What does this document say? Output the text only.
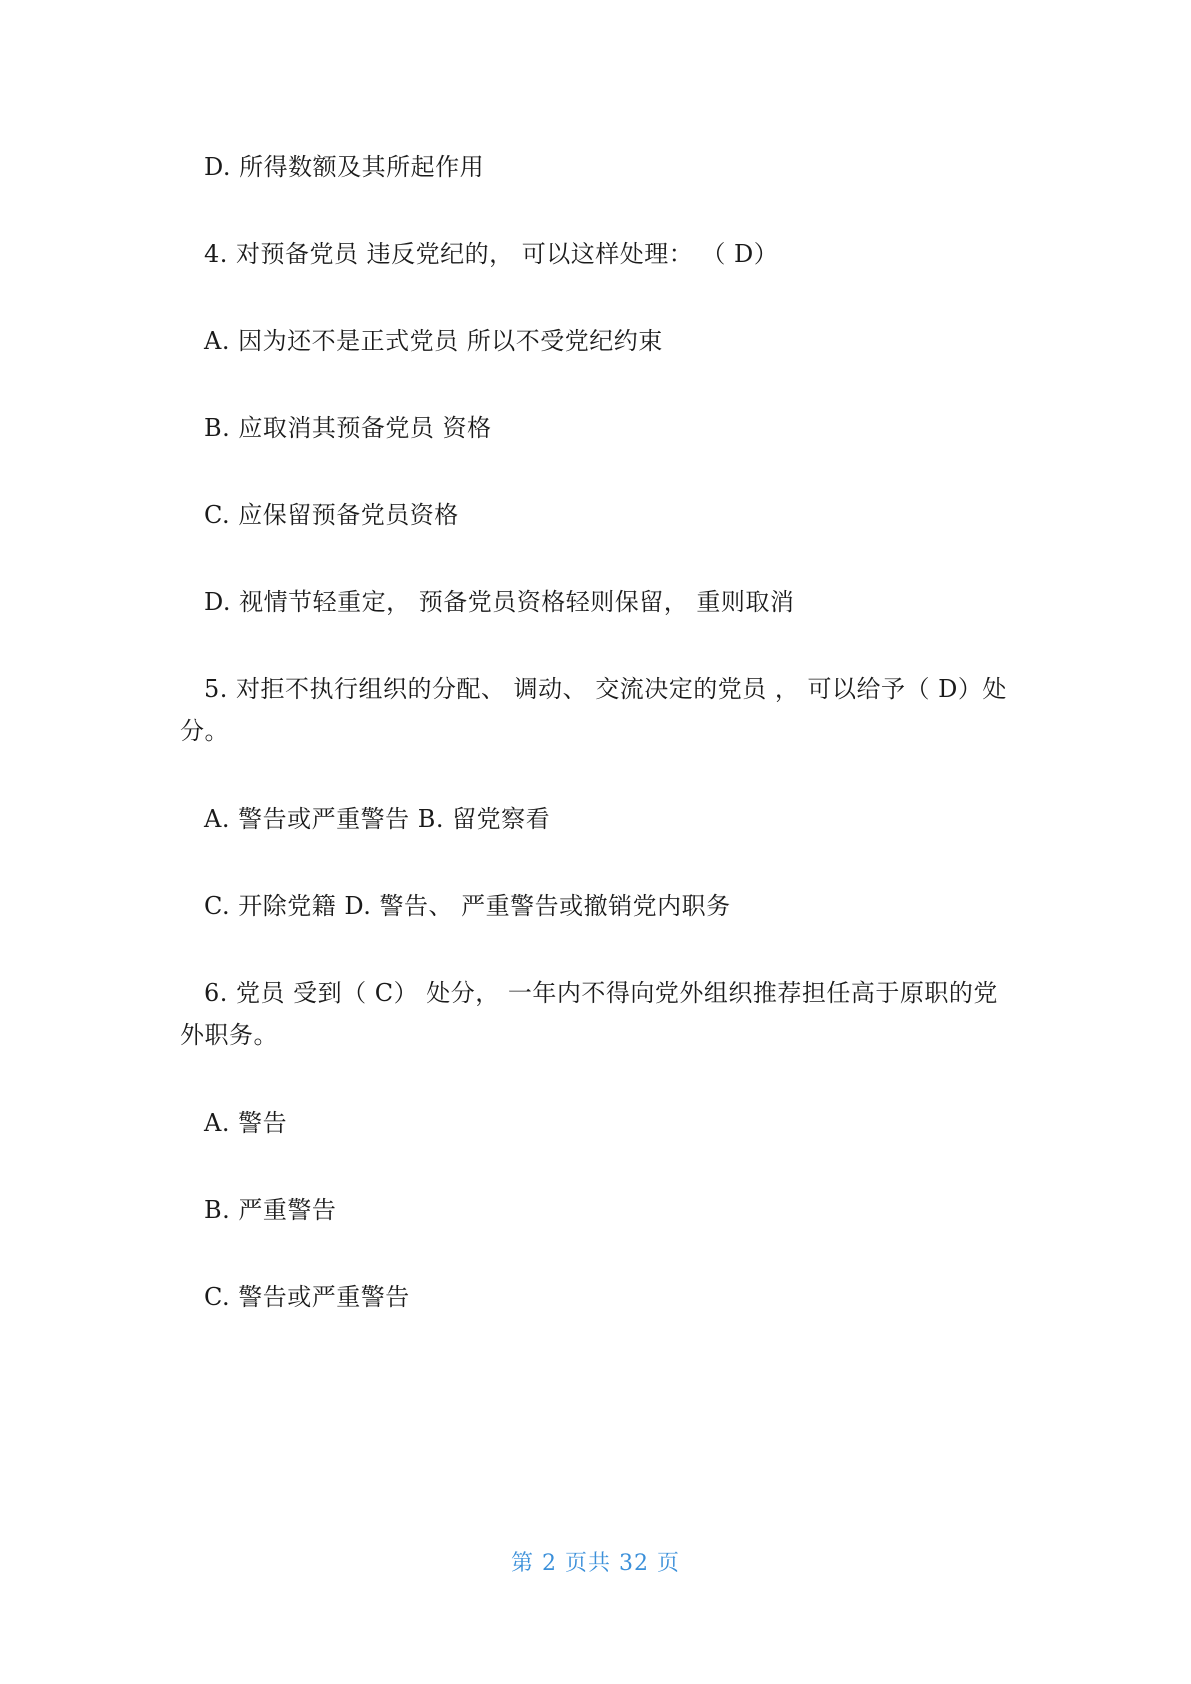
D. 所得数额及其所起作用
4. 对预备党员 违反党纪的， 可以这样处理： （ D）
A. 因为还不是正式党员 所以不受党纪约束
B. 应取消其预备党员 资格
C. 应保留预备党员资格
D. 视情节轻重定， 预备党员资格轻则保留， 重则取消
5. 对拒不执行组织的分配、 调动、 交流决定的党员 ， 可以给予（ D）处
分。
A. 警告或严重警告 B. 留党察看
C. 开除党籍 D. 警告、 严重警告或撤销党内职务
6. 党员 受到（ C） 处分， 一年内不得向党外组织推荐担任高于原职的党
外职务。
A. 警告
B. 严重警告
C. 警告或严重警告
第 2 页共 32 页
